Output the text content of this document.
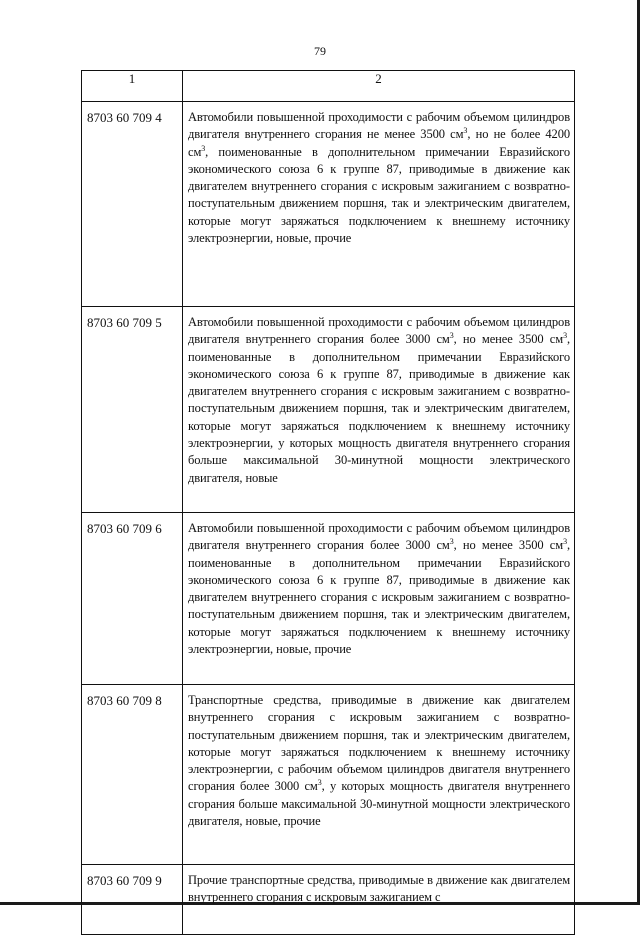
79
1	2
8703 60 709 4	Автомобили повышенной проходимости с рабочим объемом цилиндров двигателя внутреннего сгорания не менее 3500 $см^3$, но не более 4200 $см^3$, поименованные в дополнительном примечании Евразийского экономического союза 6 к группе 87, приводимые в движение как двигателем внутреннего сгорания с искровым зажиганием с возвратно-поступательным движением поршня, так и электрическим двигателем, которые могут заряжаться подключением к внешнему источнику электроэнергии, новые, прочие
8703 60 709 5	Автомобили повышенной проходимости с рабочим объемом цилиндров двигателя внутреннего сгорания более 3000 $см^3$, но менее 3500 $см^3$, поименованные в дополнительном примечании Евразийского экономического союза 6 к группе 87, приводимые в движение как двигателем внутреннего сгорания с искровым зажиганием с возвратно-поступательным движением поршня, так и электрическим двигателем, которые могут заряжаться подключением к внешнему источнику электроэнергии, у которых мощность двигателя внутреннего сгорания больше максимальной 30-минутной мощности электрического двигателя, новые
8703 60 709 6	Автомобили повышенной проходимости с рабочим объемом цилиндров двигателя внутреннего сгорания более 3000 $см^3$, но менее 3500 $см^3$, поименованные в дополнительном примечании Евразийского экономического союза 6 к группе 87, приводимые в движение как двигателем внутреннего сгорания с искровым зажиганием с возвратно-поступательным движением поршня, так и электрическим двигателем, которые могут заряжаться подключением к внешнему источнику электроэнергии, новые, прочие
8703 60 709 8	Транспортные средства, приводимые в движение как двигателем внутреннего сгорания с искровым зажиганием с возвратно-поступательным движением поршня, так и электрическим двигателем, которые могут заряжаться подключением к внешнему источнику электроэнергии, с рабочим объемом цилиндров двигателя внутреннего сгорания более 3000 $см^3$, у которых мощность двигателя внутреннего сгорания больше максимальной 30-минутной мощности электрического двигателя, новые, прочие
8703 60 709 9	Прочие транспортные средства, приводимые в движение как двигателем внутреннего сгорания с искровым зажиганием с
